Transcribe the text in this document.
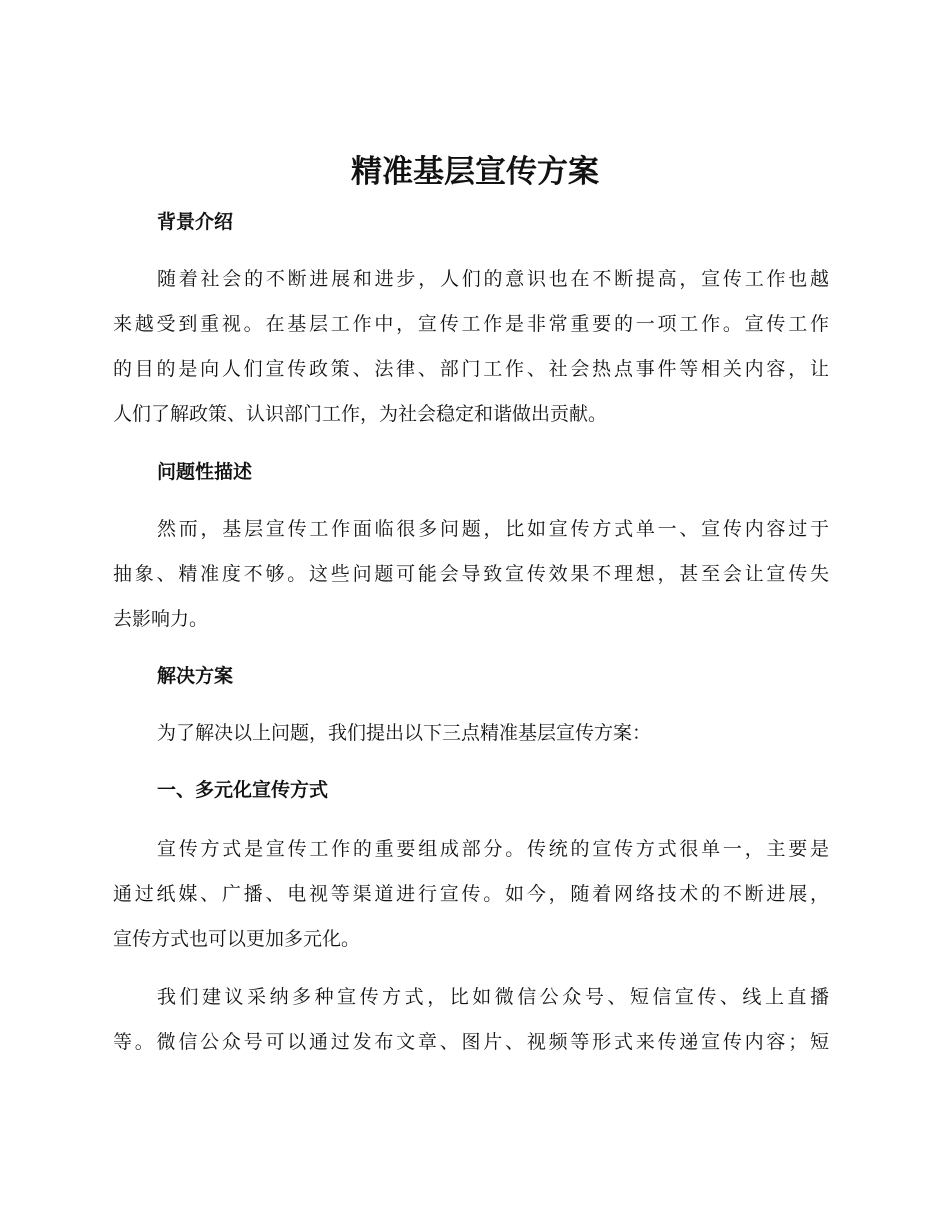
精准基层宣传方案
背景介绍

随着社会的不断进展和进步，人们的意识也在不断提高，宣传工作也越

来越受到重视。在基层工作中，宣传工作是非常重要的一项工作。宣传工作

的目的是向人们宣传政策、法律、部门工作、社会热点事件等相关内容，让

人们了解政策、认识部门工作，为社会稳定和谐做出贡献。

问题性描述

然而，基层宣传工作面临很多问题，比如宣传方式单一、宣传内容过于

抽象、精准度不够。这些问题可能会导致宣传效果不理想，甚至会让宣传失

去影响力。

解决方案

为了解决以上问题，我们提出以下三点精准基层宣传方案：

一、多元化宣传方式

宣传方式是宣传工作的重要组成部分。传统的宣传方式很单一，主要是

通过纸媒、广播、电视等渠道进行宣传。如今，随着网络技术的不断进展，

宣传方式也可以更加多元化。

我们建议采纳多种宣传方式，比如微信公众号、短信宣传、线上直播

等。微信公众号可以通过发布文章、图片、视频等形式来传递宣传内容；短
